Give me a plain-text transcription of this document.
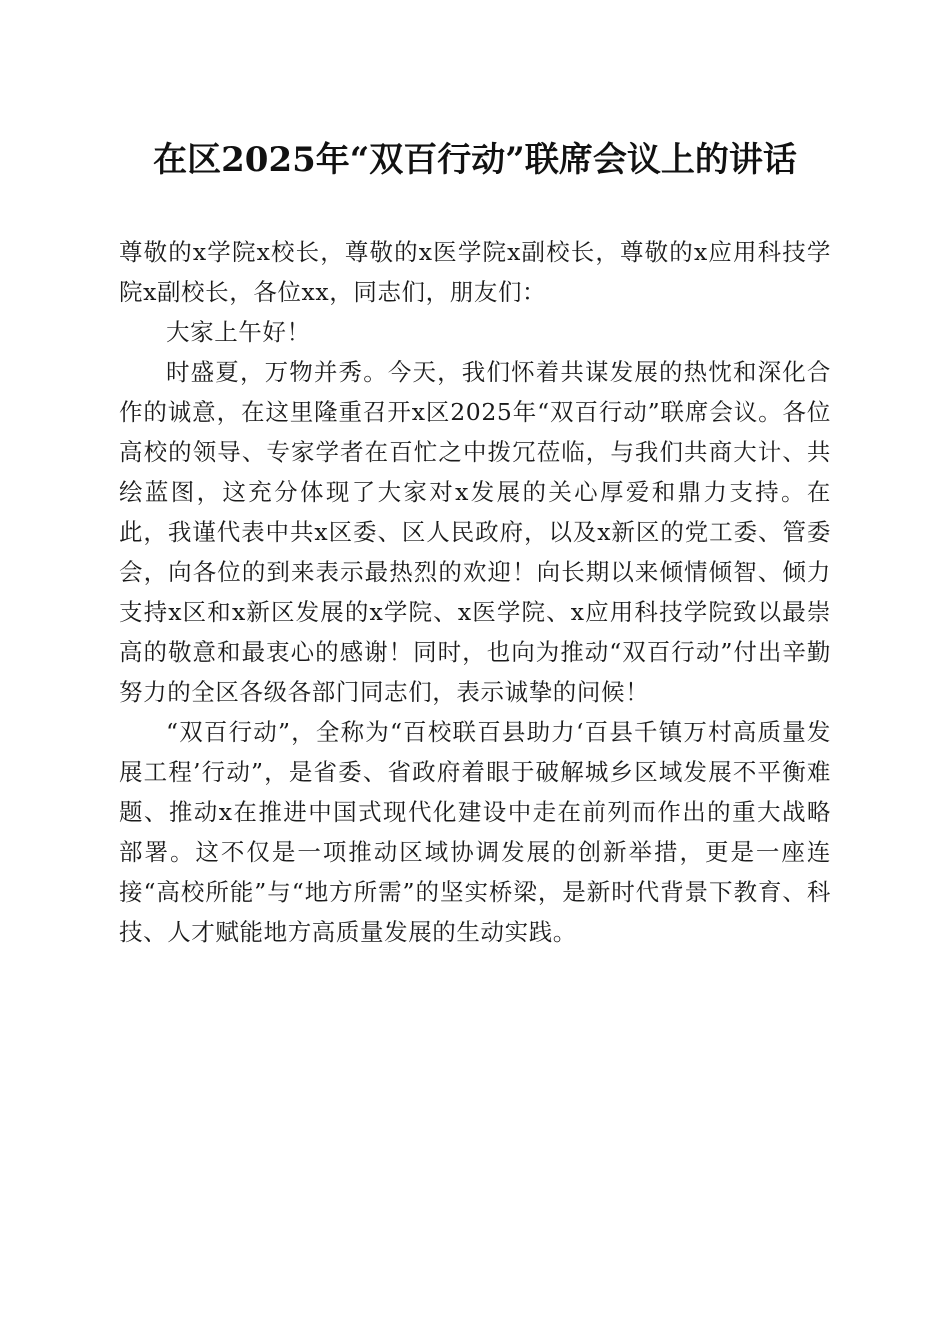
在区2025年“双百行动”联席会议上的讲话

尊敬的x学院x校长，尊敬的x医学院x副校长，尊敬的x应用科技学院x副校长，各位xx，同志们，朋友们：

大家上午好！

时盛夏，万物并秀。今天，我们怀着共谋发展的热忱和深化合作的诚意，在这里隆重召开x区2025年“双百行动”联席会议。各位高校的领导、专家学者在百忙之中拨冗莅临，与我们共商大计、共绘蓝图，这充分体现了大家对x发展的关心厚爱和鼎力支持。在此，我谨代表中共x区委、区人民政府，以及x新区的党工委、管委会，向各位的到来表示最热烈的欢迎！向长期以来倾情倾智、倾力支持x区和x新区发展的x学院、x医学院、x应用科技学院致以最崇高的敬意和最衷心的感谢！同时，也向为推动“双百行动”付出辛勤努力的全区各级各部门同志们，表示诚挚的问候！

“双百行动”，全称为“百校联百县助力‘百县千镇万村高质量发展工程’行动”，是省委、省政府着眼于破解城乡区域发展不平衡难题、推动x在推进中国式现代化建设中走在前列而作出的重大战略部署。这不仅是一项推动区域协调发展的创新举措，更是一座连接“高校所能”与“地方所需”的坚实桥梁，是新时代背景下教育、科技、人才赋能地方高质量发展的生动实践。
